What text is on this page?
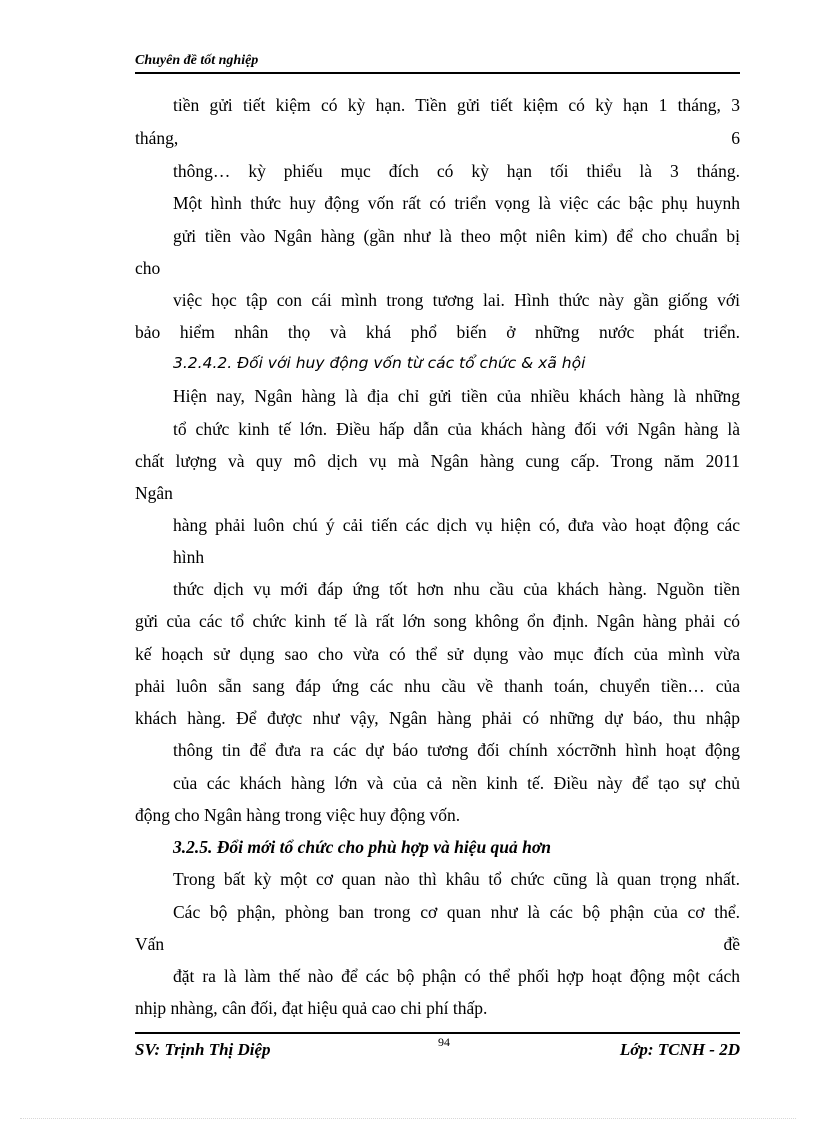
Chuyên đề tốt nghiệp
tiền gửi tiết kiệm có kỳ hạn. Tiền gửi tiết kiệm có kỳ hạn 1 tháng, 3
tháng,	6
thông… kỳ phiếu mục đích có kỳ hạn tối thiểu là 3 tháng.
Một hình thức huy động vốn rất có triển vọng là việc các bậc phụ huynh
gửi tiền vào Ngân hàng (gần như là theo một niên kim) để cho chuẩn bị
cho
việc học tập con cái mình trong tương lai. Hình thức này gần giống với
bảo hiểm nhân thọ và khá phổ biến ở những nước phát triển.
3.2.4.2. Đối với huy động vốn từ các tổ chức & xã hội
Hiện nay, Ngân hàng là địa chỉ gửi tiền của nhiều khách hàng là những
tổ chức kinh tế lớn. Điều hấp dẫn của khách hàng đối với Ngân hàng là
chất lượng và quy mô dịch vụ mà Ngân hàng cung cấp. Trong năm 2011
Ngân
hàng phải luôn chú ý cải tiến các dịch vụ hiện có, đưa vào hoạt động các
hình
thức dịch vụ mới đáp ứng tốt hơn nhu cầu của khách hàng. Nguồn tiền
gửi của các tổ chức kinh tế là rất lớn song không ổn định. Ngân hàng phải có
kế hoạch sử dụng sao cho vừa có thể sử dụng vào mục đích của mình vừa
phải luôn sẵn sang đáp ứng các nhu cầu về thanh toán, chuyển tiền… của
khách hàng. Để được như vậy, Ngân hàng phải có những dự báo, thu nhập
thông tin để đưa ra các dự báo tương đối chính xócтỡnh hình hoạt động
của các khách hàng lớn và của cả nền kinh tế. Điều này để tạo sự chủ
động cho Ngân hàng trong việc huy động vốn.
3.2.5. Đổi mới tổ chức cho phù hợp và hiệu quả hơn
Trong bất kỳ một cơ quan nào thì khâu tổ chức cũng là quan trọng nhất.
Các bộ phận, phòng ban trong cơ quan như là các bộ phận của cơ thể.
Vấn	đề
đặt ra là làm thế nào để các bộ phận có thể phối hợp hoạt động một cách
nhịp nhàng, cân đối, đạt hiệu quả cao chi phí thấp.
SV: Trịnh Thị Diệp	94	Lớp: TCNH - 2D
